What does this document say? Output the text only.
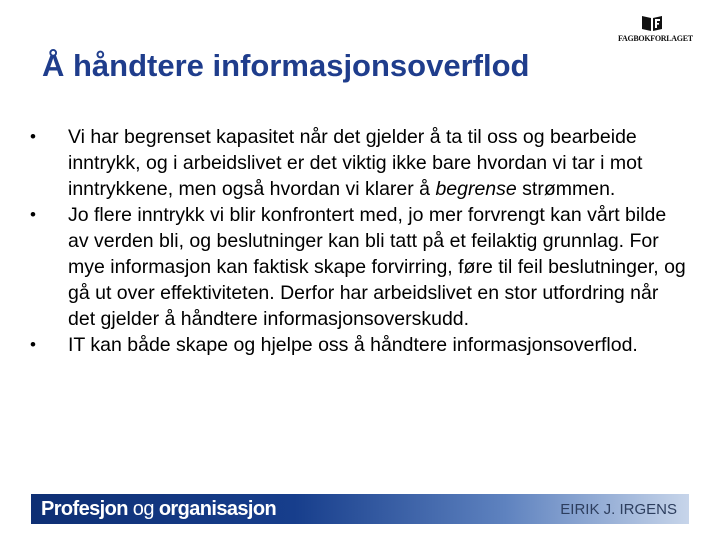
FAGBOKFORLAGET
Å håndtere informasjonsoverflod
•	Vi har begrenset kapasitet når det gjelder å ta til oss og bearbeide inntrykk, og i arbeidslivet er det viktig ikke bare hvordan vi tar i mot inntrykkene, men også hvordan vi klarer å begrense strømmen.
•	Jo flere inntrykk vi blir konfrontert med, jo mer forvrengt kan vårt bilde av verden bli, og beslutninger kan bli tatt på et feilaktig grunnlag. For mye informasjon kan faktisk skape forvirring, føre til feil beslutninger, og gå ut over effektiviteten. Derfor har arbeidslivet en stor utfordring når det gjelder å håndtere informasjonsoverskudd.
•	IT kan både skape og hjelpe oss å håndtere informasjonsoverflod.
Profesjon og organisasjon	EIRIK J. IRGENS
